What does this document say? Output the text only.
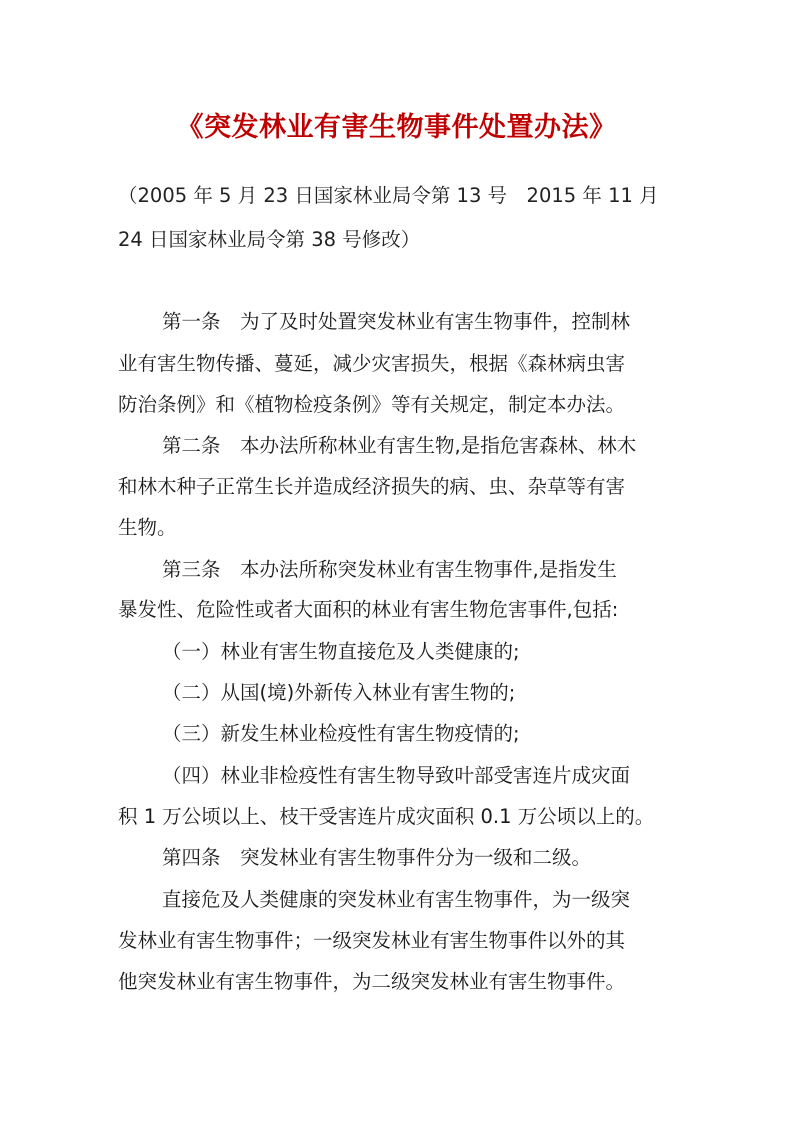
《突发林业有害生物事件处置办法》
（2005 年 5 月 23 日国家林业局令第 13 号　2015 年 11 月
24 日国家林业局令第 38 号修改）
第一条　为了及时处置突发林业有害生物事件，控制林
业有害生物传播、蔓延，减少灾害损失，根据《森林病虫害
防治条例》和《植物检疫条例》等有关规定，制定本办法。
第二条　本办法所称林业有害生物,是指危害森林、林木
和林木种子正常生长并造成经济损失的病、虫、杂草等有害
生物。
第三条　本办法所称突发林业有害生物事件,是指发生
暴发性、危险性或者大面积的林业有害生物危害事件,包括:
（一）林业有害生物直接危及人类健康的;
（二）从国(境)外新传入林业有害生物的;
（三）新发生林业检疫性有害生物疫情的;
（四）林业非检疫性有害生物导致叶部受害连片成灾面
积 1 万公顷以上、枝干受害连片成灾面积 0.1 万公顷以上的。
第四条　突发林业有害生物事件分为一级和二级。
直接危及人类健康的突发林业有害生物事件，为一级突
发林业有害生物事件；一级突发林业有害生物事件以外的其
他突发林业有害生物事件，为二级突发林业有害生物事件。
